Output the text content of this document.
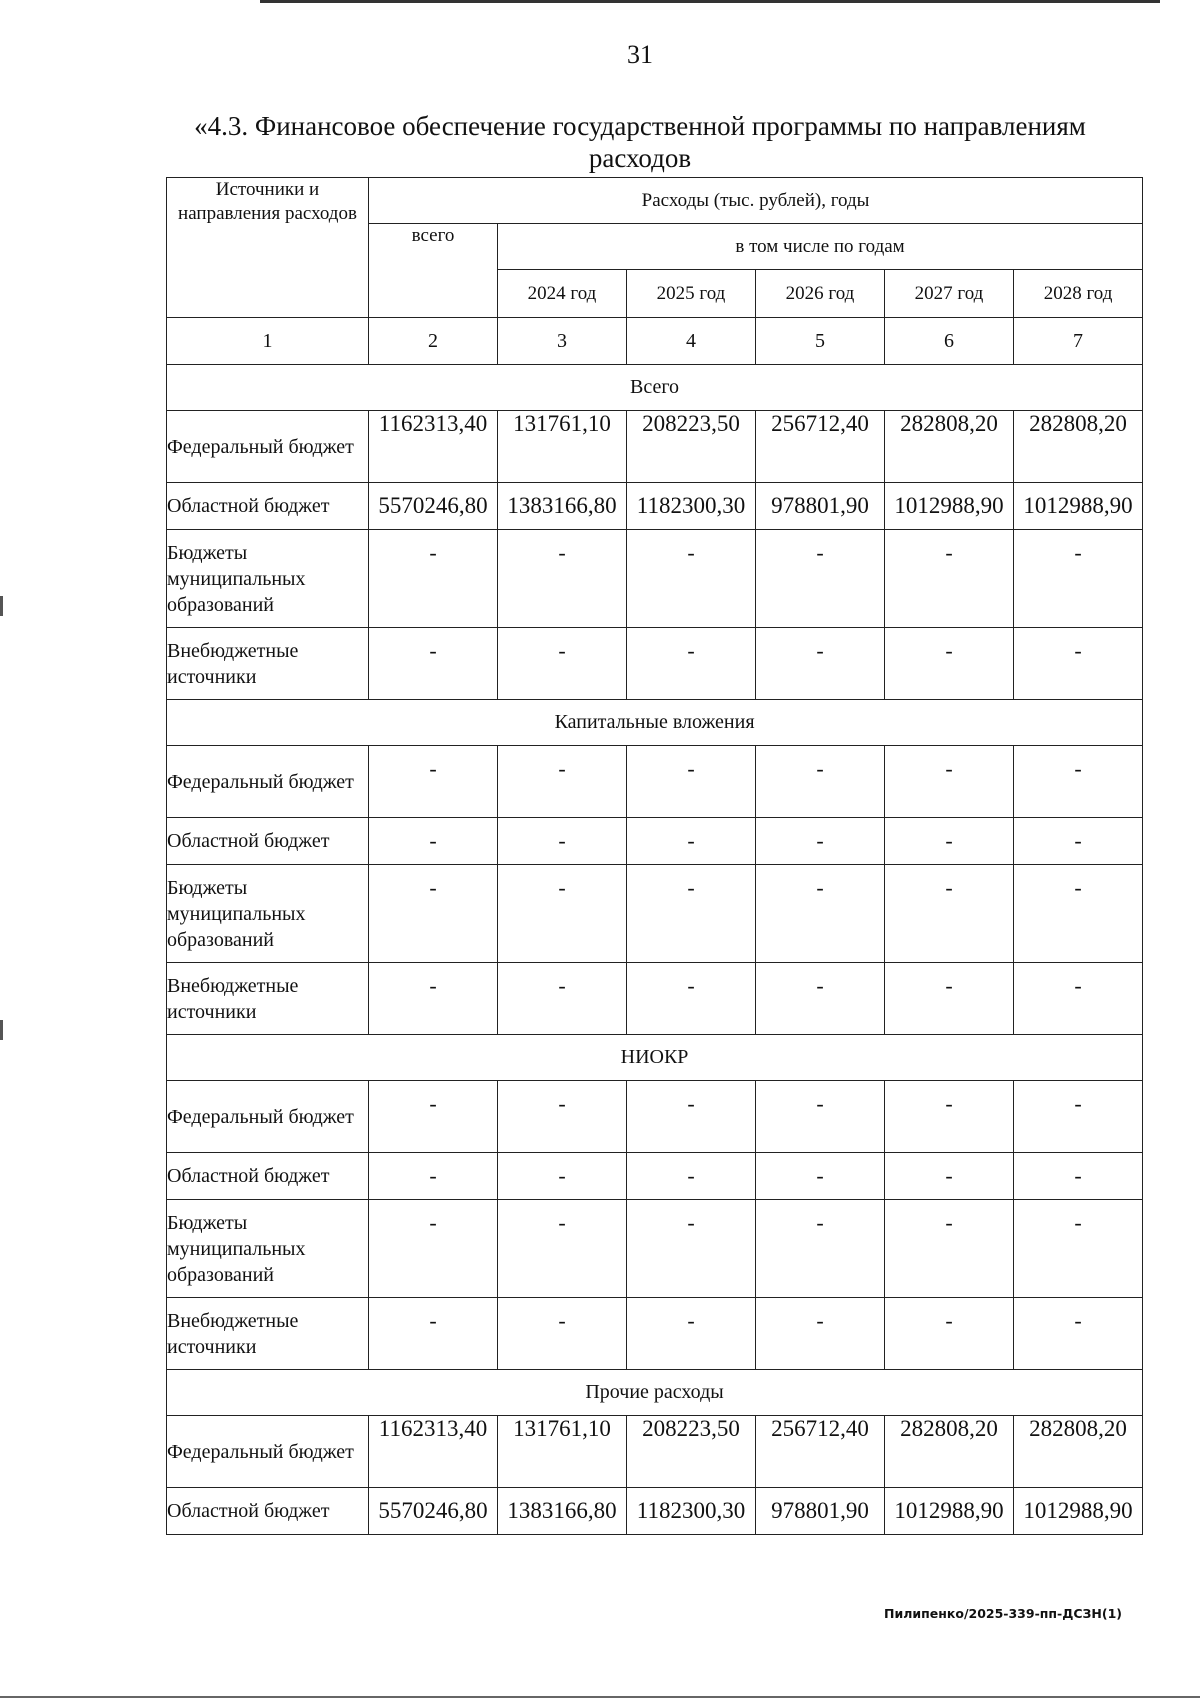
31
«4.3. Финансовое обеспечение государственной программы по направлениям расходов
Источники и направления расходов	Расходы (тыс. рублей), годы					
	всего	в том числе по годам				
		2024 год	2025 год	2026 год	2027 год	2028 год
1	2	3	4	5	6	7
Всего						
Федеральный бюджет	1162313,40	131761,10	208223,50	256712,40	282808,20	282808,20
Областной бюджет	5570246,80	1383166,80	1182300,30	978801,90	1012988,90	1012988,90
Бюджеты муниципальных образований	-	-	-	-	-	-
Внебюджетные источники	-	-	-	-	-	-
Капитальные вложения						
Федеральный бюджет	-	-	-	-	-	-
Областной бюджет	-	-	-	-	-	-
Бюджеты муниципальных образований	-	-	-	-	-	-
Внебюджетные источники	-	-	-	-	-	-
НИОКР						
Федеральный бюджет	-	-	-	-	-	-
Областной бюджет	-	-	-	-	-	-
Бюджеты муниципальных образований	-	-	-	-	-	-
Внебюджетные источники	-	-	-	-	-	-
Прочие расходы						
Федеральный бюджет	1162313,40	131761,10	208223,50	256712,40	282808,20	282808,20
Областной бюджет	5570246,80	1383166,80	1182300,30	978801,90	1012988,90	1012988,90
Пилипенко/2025-339-пп-ДСЗН(1)
